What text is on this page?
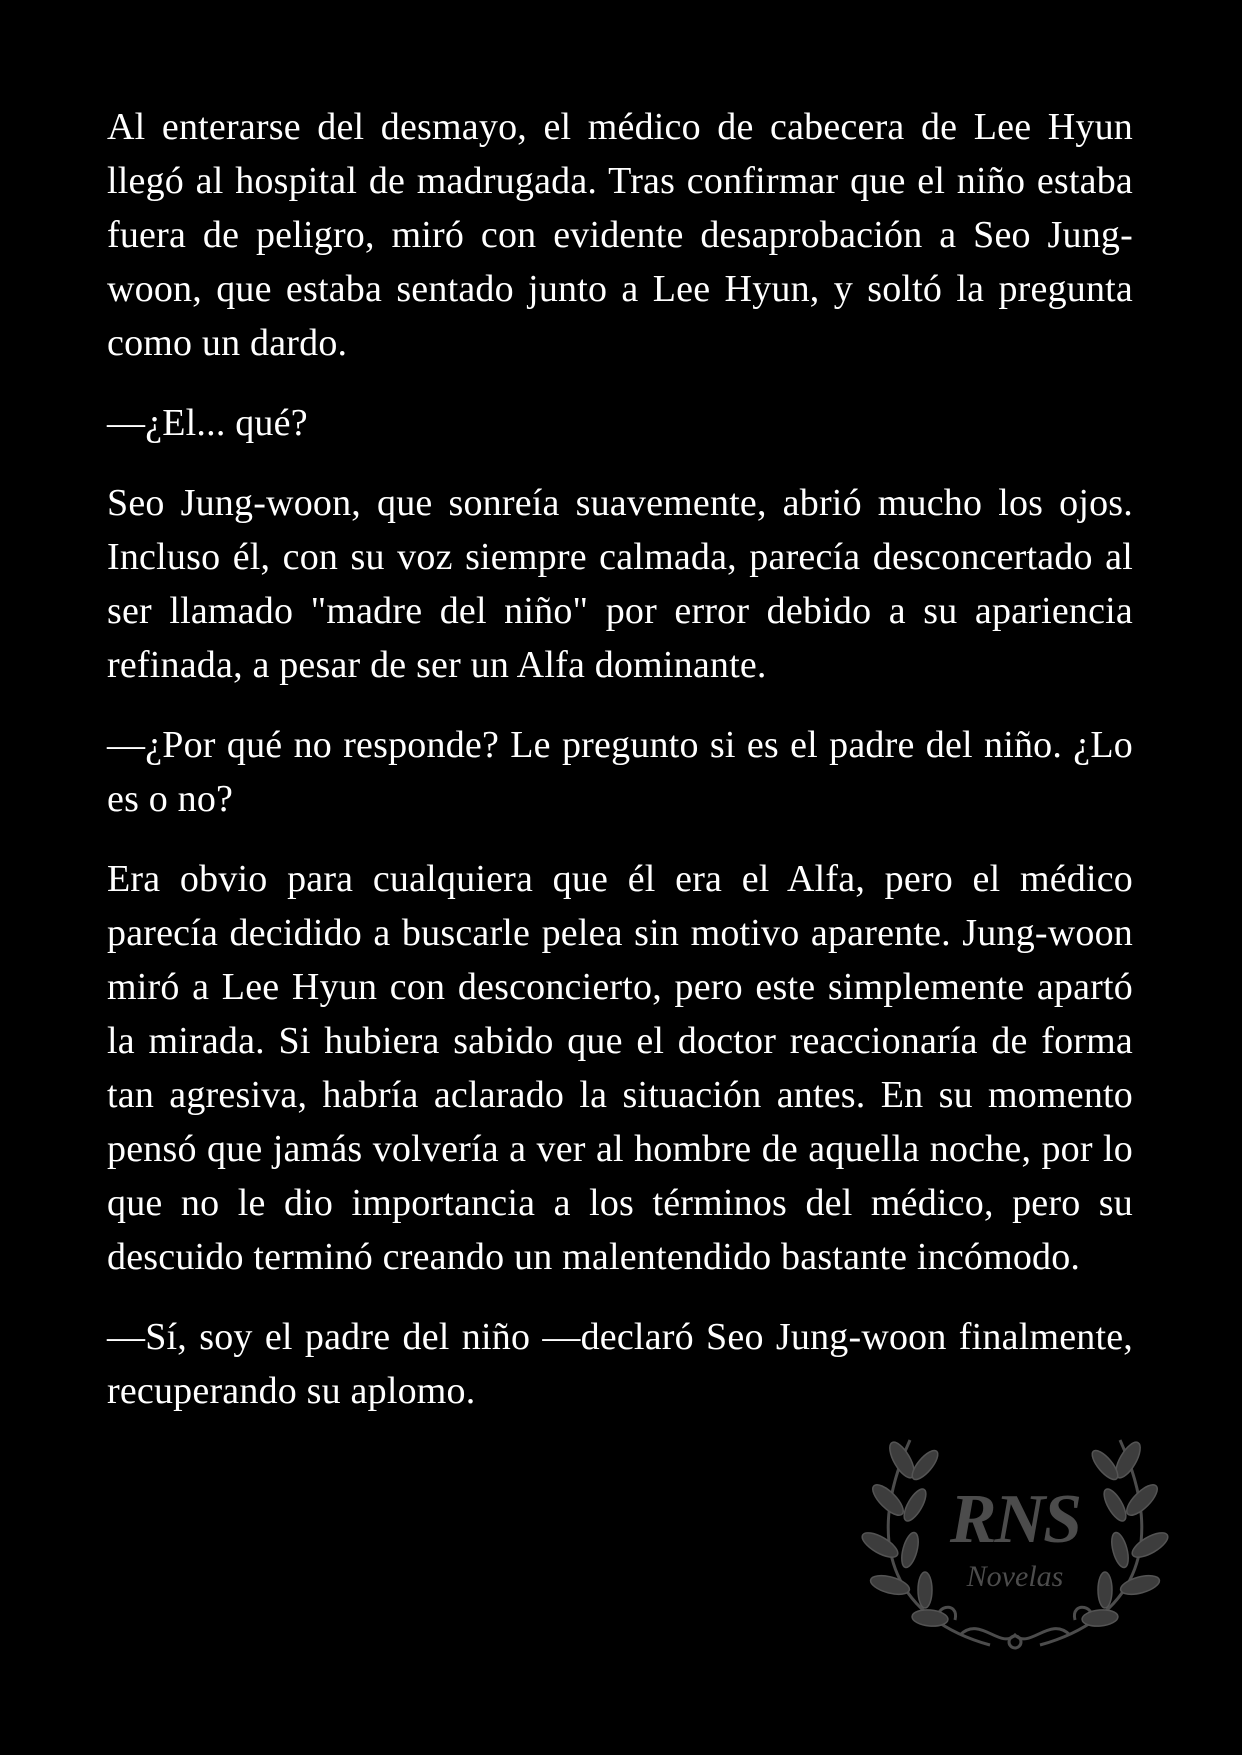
Al enterarse del desmayo, el médico de cabecera de Lee Hyun llegó al hospital de madrugada. Tras confirmar que el niño estaba fuera de peligro, miró con evidente desaprobación a Seo Jung-woon, que estaba sentado junto a Lee Hyun, y soltó la pregunta como un dardo.

—¿El... qué?

Seo Jung-woon, que sonreía suavemente, abrió mucho los ojos. Incluso él, con su voz siempre calmada, parecía desconcertado al ser llamado "madre del niño" por error debido a su apariencia refinada, a pesar de ser un Alfa dominante.

—¿Por qué no responde? Le pregunto si es el padre del niño. ¿Lo es o no?

Era obvio para cualquiera que él era el Alfa, pero el médico parecía decidido a buscarle pelea sin motivo aparente. Jung-woon miró a Lee Hyun con desconcierto, pero este simplemente apartó la mirada. Si hubiera sabido que el doctor reaccionaría de forma tan agresiva, habría aclarado la situación antes. En su momento pensó que jamás volvería a ver al hombre de aquella noche, por lo que no le dio importancia a los términos del médico, pero su descuido terminó creando un malentendido bastante incómodo.

—Sí, soy el padre del niño —declaró Seo Jung-woon finalmente, recuperando su aplomo.

RNS
Novelas
